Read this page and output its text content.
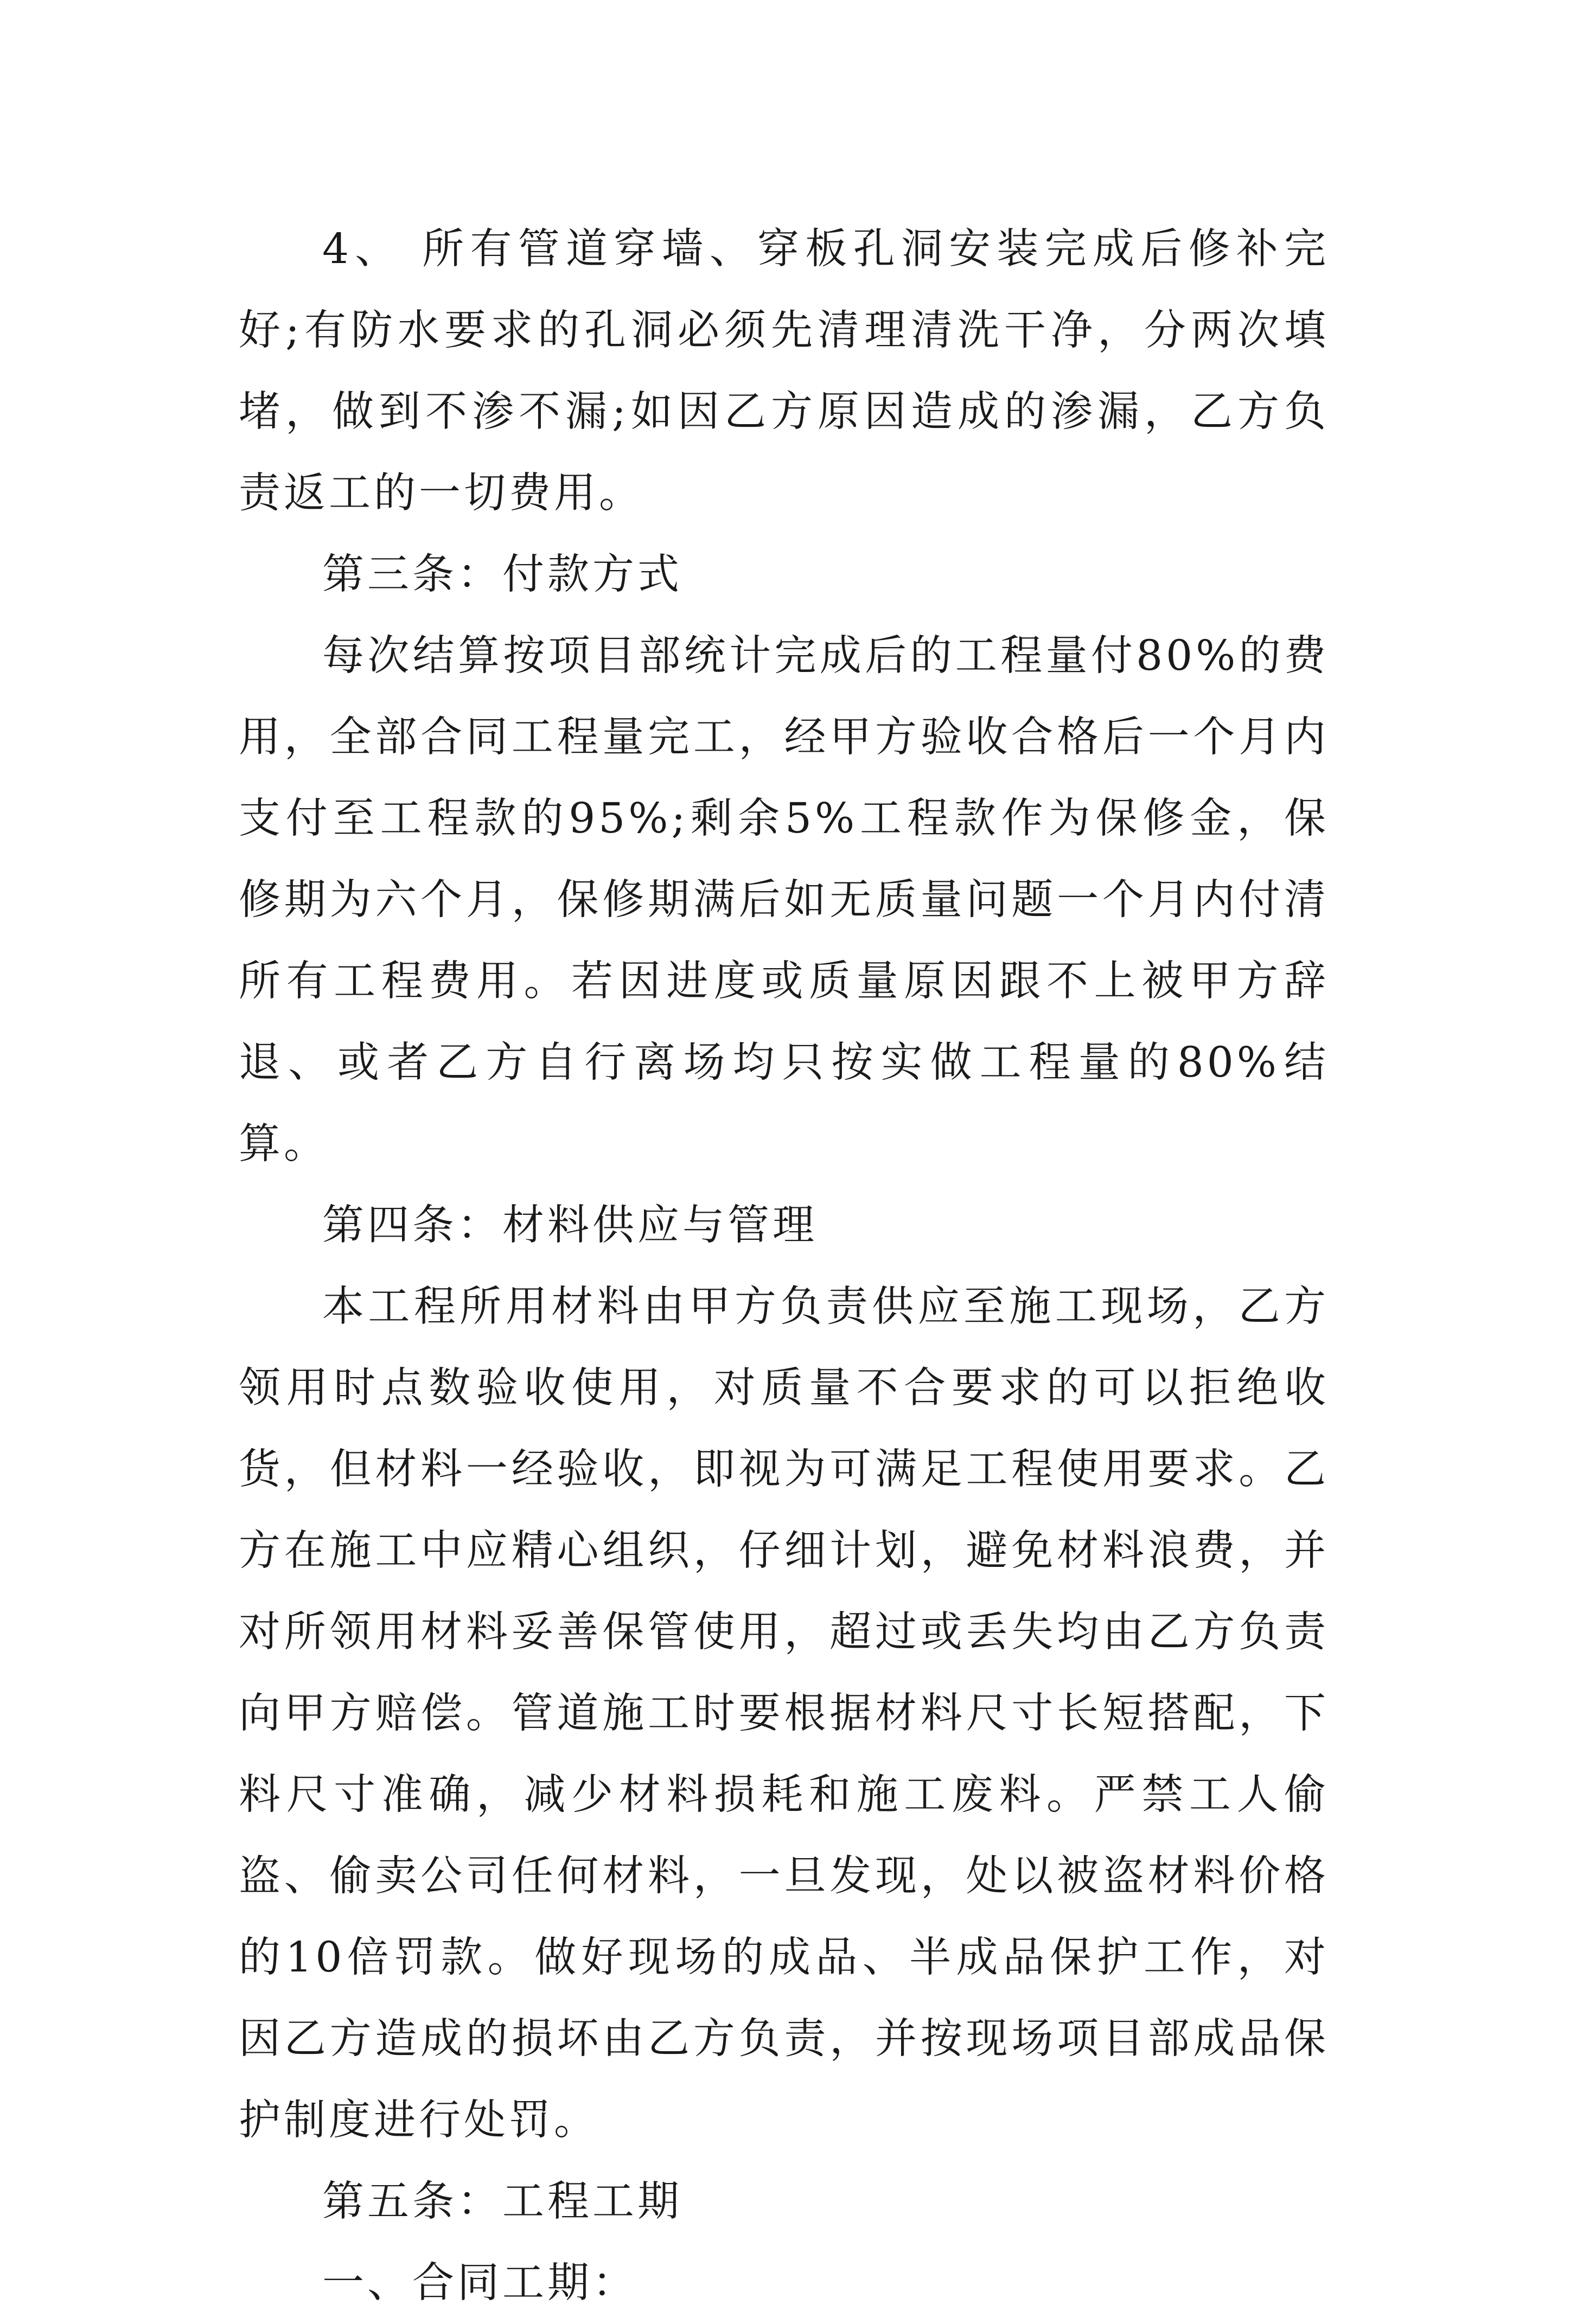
4、 所有管道穿墙、穿板孔洞安装完成后修补完好;有防水要求的孔洞必须先清理清洗干净，分两次填堵，做到不渗不漏;如因乙方原因造成的渗漏，乙方负责返工的一切费用。

第三条：付款方式

每次结算按项目部统计完成后的工程量付80%的费用，全部合同工程量完工，经甲方验收合格后一个月内支付至工程款的95%;剩余5%工程款作为保修金，保修期为六个月，保修期满后如无质量问题一个月内付清所有工程费用。若因进度或质量原因跟不上被甲方辞退、或者乙方自行离场均只按实做工程量的80%结算。

第四条：材料供应与管理

本工程所用材料由甲方负责供应至施工现场，乙方领用时点数验收使用，对质量不合要求的可以拒绝收货，但材料一经验收，即视为可满足工程使用要求。乙方在施工中应精心组织，仔细计划，避免材料浪费，并对所领用材料妥善保管使用，超过或丢失均由乙方负责向甲方赔偿。管道施工时要根据材料尺寸长短搭配，下料尺寸准确，减少材料损耗和施工废料。严禁工人偷盗、偷卖公司任何材料，一旦发现，处以被盗材料价格的10倍罚款。做好现场的成品、半成品保护工作，对因乙方造成的损坏由乙方负责，并按现场项目部成品保护制度进行处罚。

第五条：工程工期

一、合同工期：
